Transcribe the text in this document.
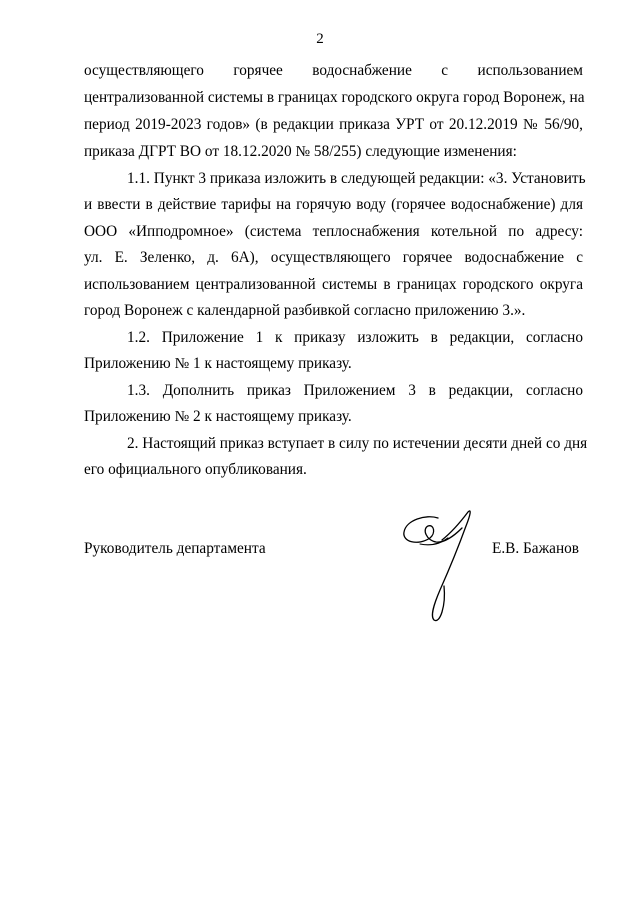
2
осуществляющего горячее водоснабжение с использованием
централизованной системы в границах городского округа город Воронеж, на
период 2019-2023 годов» (в редакции приказа УРТ от 20.12.2019 № 56/90,
приказа ДГРТ ВО от 18.12.2020 № 58/255) следующие изменения:
1.1. Пункт 3 приказа изложить в следующей редакции: «3. Установить
и ввести в действие тарифы на горячую воду (горячее водоснабжение) для
ООО «Ипподромное» (система теплоснабжения котельной по адресу:
ул. Е. Зеленко, д. 6А), осуществляющего горячее водоснабжение с
использованием централизованной системы в границах городского округа
город Воронеж с календарной разбивкой согласно приложению 3.».
1.2. Приложение 1 к приказу изложить в редакции, согласно
Приложению № 1 к настоящему приказу.
1.3. Дополнить приказ Приложением 3 в редакции, согласно
Приложению № 2 к настоящему приказу.
2. Настоящий приказ вступает в силу по истечении десяти дней со дня
его официального опубликования.
Руководитель департамента	Е.В. Бажанов
